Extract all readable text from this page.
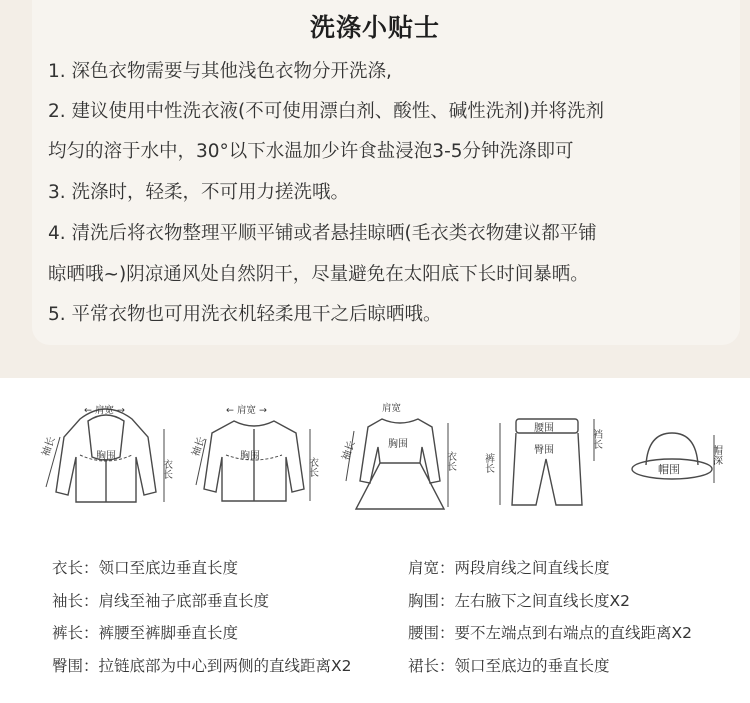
洗涤小贴士
1. 深色衣物需要与其他浅色衣物分开洗涤,
2. 建议使用中性洗衣液(不可使用漂白剂、酸性、碱性洗剂)并将洗剂
均匀的溶于水中，30°以下水温加少许食盐浸泡3-5分钟洗涤即可
3. 洗涤时，轻柔，不可用力搓洗哦。
4. 清洗后将衣物整理平顺平铺或者悬挂晾晒(毛衣类衣物建议都平铺
晾晒哦~)阴凉通风处自然阴干，尽量避免在太阳底下长时间暴晒。
5. 平常衣物也可用洗衣机轻柔甩干之后晾晒哦。
← 肩宽 →
胸围
衣长
袖长
← 肩宽 →
胸围
衣长
袖长
肩宽
胸围
衣长
袖长
腰围
臀围
裤长
裆长
帽围
帽深
衣长：领口至底边垂直长度
袖长：肩线至袖子底部垂直长度
裤长：裤腰至裤脚垂直长度
臀围：拉链底部为中心到两侧的直线距离X2
肩宽：两段肩线之间直线长度
胸围：左右腋下之间直线长度X2
腰围：要不左端点到右端点的直线距离X2
裙长：领口至底边的垂直长度
